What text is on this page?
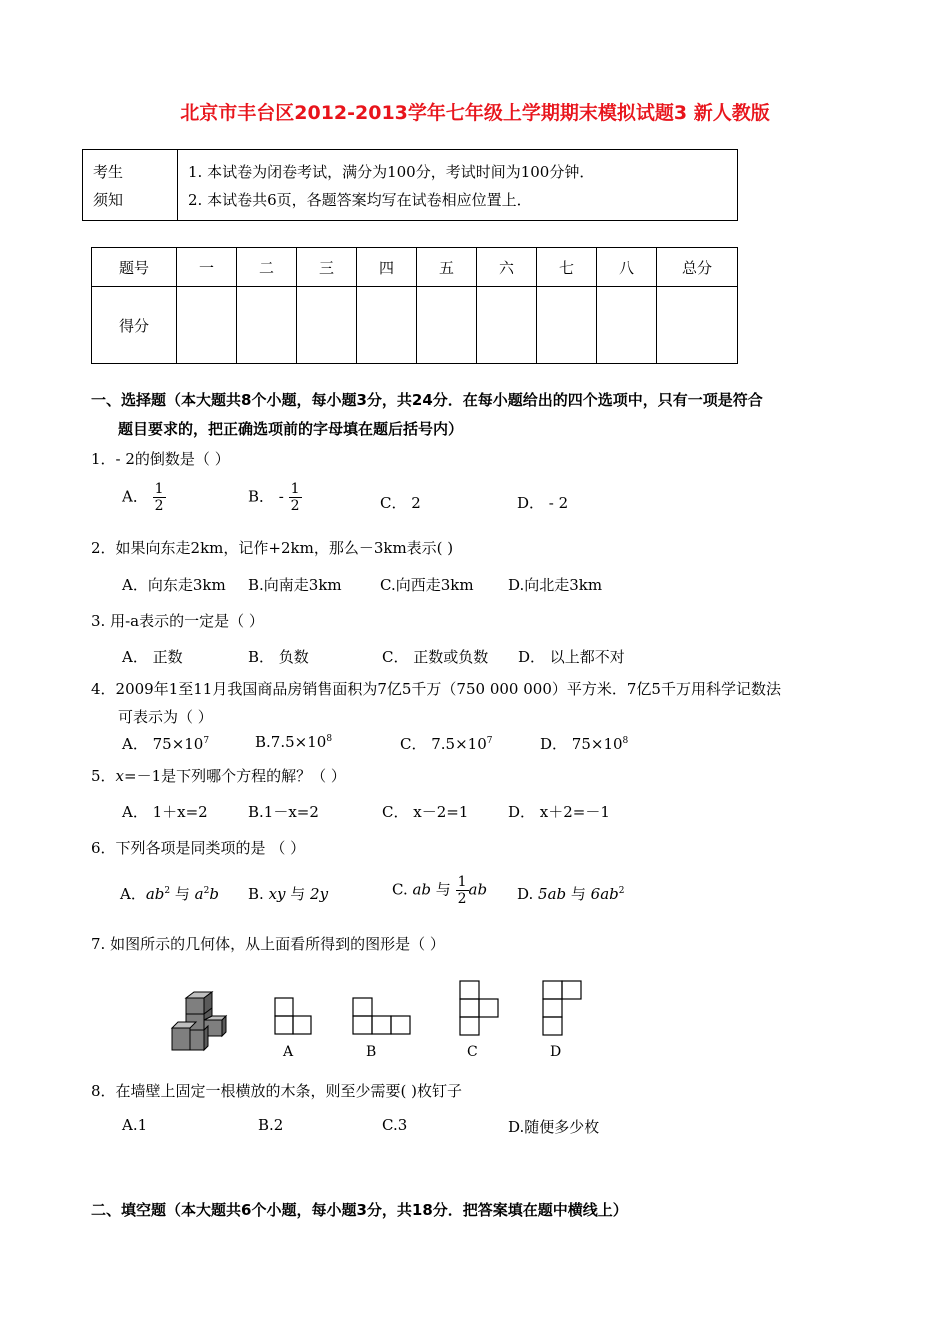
北京市丰台区2012-2013学年七年级上学期期末模拟试题3 新人教版
考生
须知

1. 本试卷为闭卷考试，满分为100分，考试时间为100分钟．
2. 本试卷共6页，各题答案均写在试卷相应位置上．
题号	一	二	三	四	五	六	七	八	总分
得分									
一、选择题（本大题共8个小题，每小题3分，共24分．在每小题给出的四个选项中，只有一项是符合
题目要求的，把正确选项前的字母填在题后括号内）
1．- 2的倒数是（ ）
A． $\frac{1}{2}$	B． - $\frac{1}{2}$	C． 2	D． - 2
2．如果向东走2km，记作+2km，那么－3km表示( )
A．向东走3km B.向南走3km	C.向西走3km D.向北走3km
3. 用-a表示的一定是（ ）
A． 正数	B． 负数	C． 正数或负数 D． 以上都不对
4．2009年1至11月我国商品房销售面积为7亿5千万（750 000 000）平方米．7亿5千万用科学记数法
可表示为（ ）
A． $75\times 10^7$	$B.7.5\times 10^8$	C． $7.5\times 10^7$	D． $75\times 10^8$
5．x=－1是下列哪个方程的解？（ ）
A． 1＋x=2	B.1－x=2	C． x－2=1	D． x＋2=－1
6．下列各项是同类项的是 （ ）
A．$ab^2$ 与 $a^2b$ B. xy 与 2y	C. ab 与 $\frac{1}{2}$ ab D. 5ab 与 $6ab^2$
7. 如图所示的几何体，从上面看所得到的图形是（ ）
A	B	C	D
8．在墙壁上固定一根横放的木条，则至少需要( )枚钉子
A.1	B.2	C.3	D.随便多少枚
二、填空题（本大题共6个小题，每小题3分，共18分．把答案填在题中横线上）
